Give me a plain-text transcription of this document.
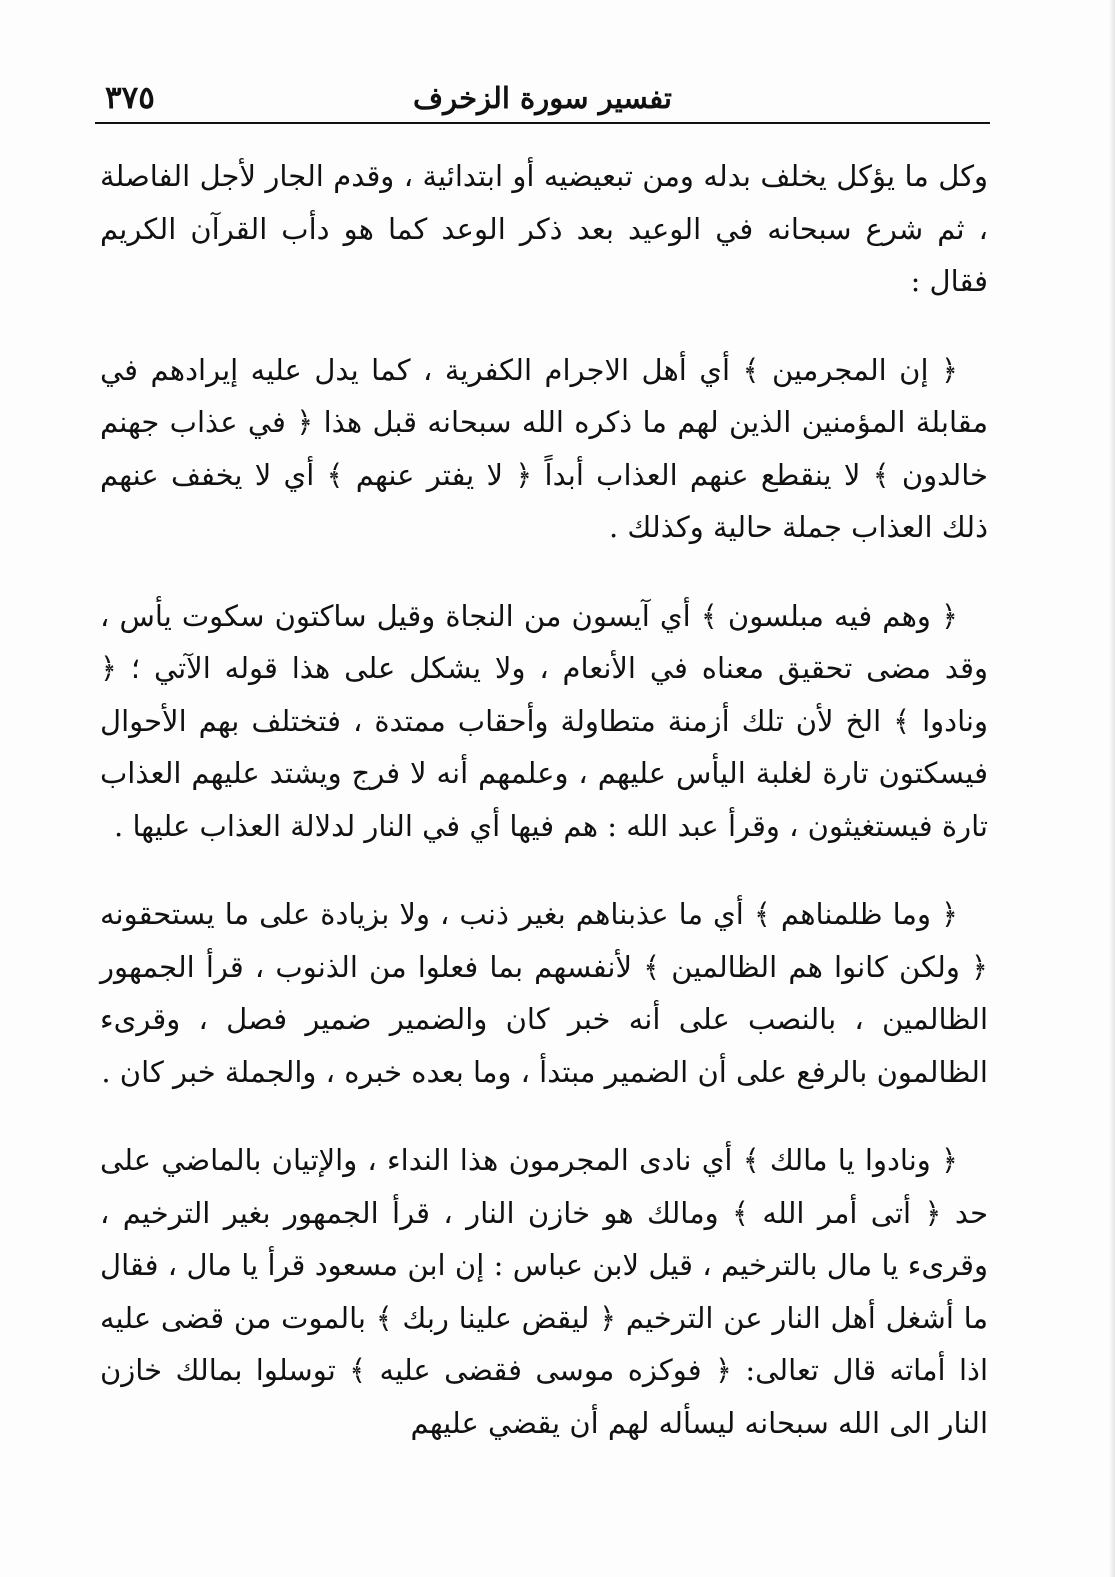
تفسير سورة الزخرف
٣٧٥

وكل ما يؤكل يخلف بدله ومن تبعيضيه أو ابتدائية ، وقدم الجار لأجل الفاصلة ، ثم شرع سبحانه في الوعيد بعد ذكر الوعد كما هو دأب القرآن الكريم فقال :

﴿ إن المجرمين ﴾ أي أهل الاجرام الكفرية ، كما يدل عليه إيرادهم في مقابلة المؤمنين الذين لهم ما ذكره الله سبحانه قبل هذا ﴿ في عذاب جهنم خالدون ﴾ لا ينقطع عنهم العذاب أبداً ﴿ لا يفتر عنهم ﴾ أي لا يخفف عنهم ذلك العذاب جملة حالية وكذلك .

﴿ وهم فيه مبلسون ﴾ أي آيسون من النجاة وقيل ساكتون سكوت يأس ، وقد مضى تحقيق معناه في الأنعام ، ولا يشكل على هذا قوله الآتي ؛ ﴿ ونادوا ﴾ الخ لأن تلك أزمنة متطاولة وأحقاب ممتدة ، فتختلف بهم الأحوال فيسكتون تارة لغلبة اليأس عليهم ، وعلمهم أنه لا فرج ويشتد عليهم العذاب تارة فيستغيثون ، وقرأ عبد الله : هم فيها أي في النار لدلالة العذاب عليها .

﴿ وما ظلمناهم ﴾ أي ما عذبناهم بغير ذنب ، ولا بزيادة على ما يستحقونه ﴿ ولكن كانوا هم الظالمين ﴾ لأنفسهم بما فعلوا من الذنوب ، قرأ الجمهور الظالمين ، بالنصب على أنه خبر كان والضمير ضمير فصل ، وقرىء الظالمون بالرفع على أن الضمير مبتدأ ، وما بعده خبره ، والجملة خبر كان .

﴿ ونادوا يا مالك ﴾ أي نادى المجرمون هذا النداء ، والإتيان بالماضي على حد ﴿ أتى أمر الله ﴾ ومالك هو خازن النار ، قرأ الجمهور بغير الترخيم ، وقرىء يا مال بالترخيم ، قيل لابن عباس : إن ابن مسعود قرأ يا مال ، فقال ما أشغل أهل النار عن الترخيم ﴿ ليقض علينا ربك ﴾ بالموت من قضى عليه اذا أماته قال تعالى: ﴿ فوكزه موسى فقضى عليه ﴾ توسلوا بمالك خازن النار الى الله سبحانه ليسأله لهم أن يقضي عليهم
